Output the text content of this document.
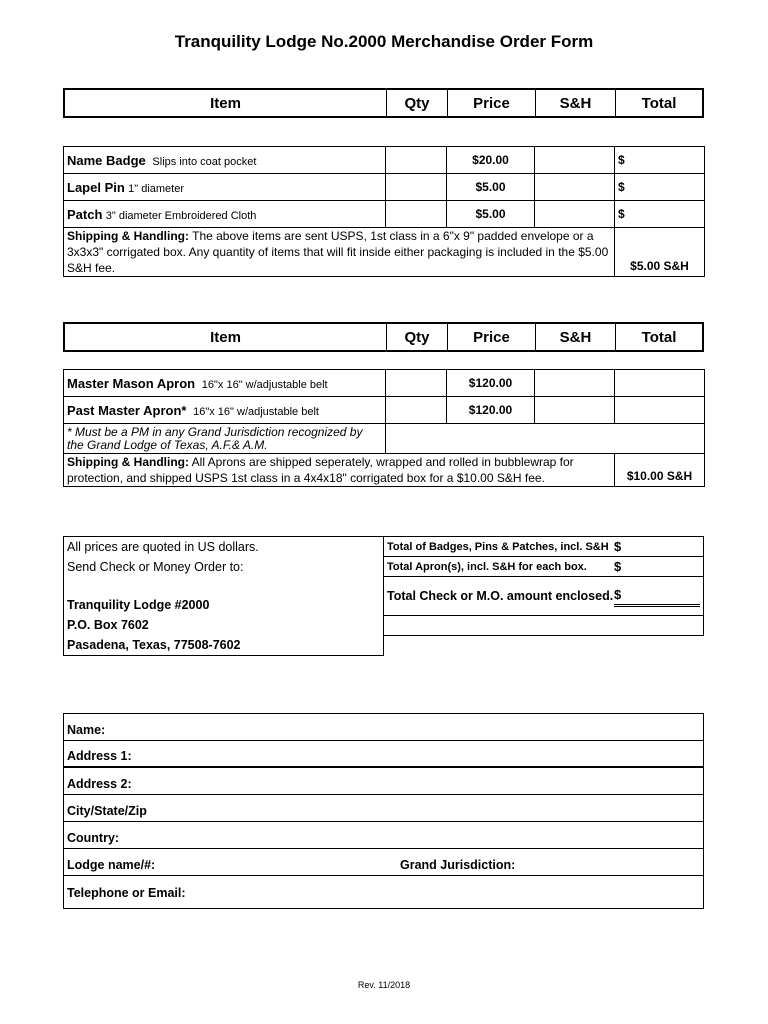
Tranquility Lodge No.2000 Merchandise Order Form
Item	Qty	Price	S&H	Total
Name Badge Slips into coat pocket		$20.00		$
Lapel Pin 1" diameter		$5.00		$
Patch 3" diameter Embroidered Cloth		$5.00		$
Shipping & Handling: The above items are sent USPS, 1st class in a 6"x 9" padded envelope or a 3x3x3" corrigated box. Any quantity of items that will fit inside either packaging is included in the $5.00 S&H fee.				$5.00 S&H
Item	Qty	Price	S&H	Total
Master Mason Apron 16"x 16" w/adjustable belt		$120.00		
Past Master Apron* 16"x 16" w/adjustable belt		$120.00		
* Must be a PM in any Grand Jurisdiction recognized by the Grand Lodge of Texas, A.F.& A.M.				
Shipping & Handling: All Aprons are shipped seperately, wrapped and rolled in bubblewrap for protection, and shipped USPS 1st class in a 4x4x18" corrigated box for a $10.00 S&H fee.				$10.00 S&H
All prices are quoted in US dollars.
Send Check or Money Order to:
Tranquility Lodge #2000
P.O. Box 7602
Pasadena, Texas, 77508-7602
Total of Badges, Pins & Patches, incl. S&H $
Total Apron(s), incl. S&H for each box. $
Total Check or M.O. amount enclosed. $
Name:
Address 1:
Address 2:
City/State/Zip
Country:
Lodge name/#:	Grand Jurisdiction:
Telephone or Email:
Rev. 11/2018
